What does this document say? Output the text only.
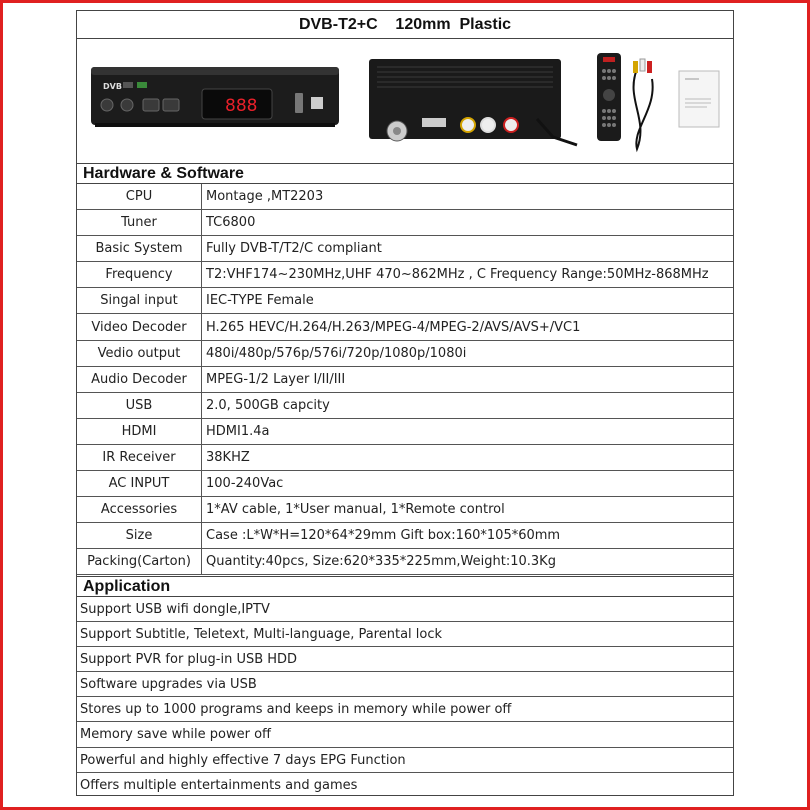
DVB-T2+C    120mm  Plastic
DVB
888
Hardware & Software
CPU	Montage ,MT2203
Tuner	TC6800
Basic System	Fully DVB-T/T2/C compliant
Frequency	T2:VHF174~230MHz,UHF 470~862MHz , C Frequency Range:50MHz-868MHz
Singal input	IEC-TYPE Female
Video Decoder	H.265 HEVC/H.264/H.263/MPEG-4/MPEG-2/AVS/AVS+/VC1
Vedio output	480i/480p/576p/576i/720p/1080p/1080i
Audio Decoder	MPEG-1/2 Layer I/II/III
USB	2.0, 500GB capcity
HDMI	HDMI1.4a
IR Receiver	38KHZ
AC INPUT	100-240Vac
Accessories	1*AV cable, 1*User manual, 1*Remote control
Size	Case :L*W*H=120*64*29mm Gift box:160*105*60mm
Packing(Carton)	Quantity:40pcs, Size:620*335*225mm,Weight:10.3Kg
Application
Support USB wifi dongle,IPTV
Support Subtitle, Teletext, Multi-language, Parental lock
Support PVR for plug-in USB HDD
Software upgrades via USB
Stores up to 1000 programs and keeps in memory while power off
Memory save while power off
Powerful and highly effective 7 days EPG Function
Offers multiple entertainments and games
